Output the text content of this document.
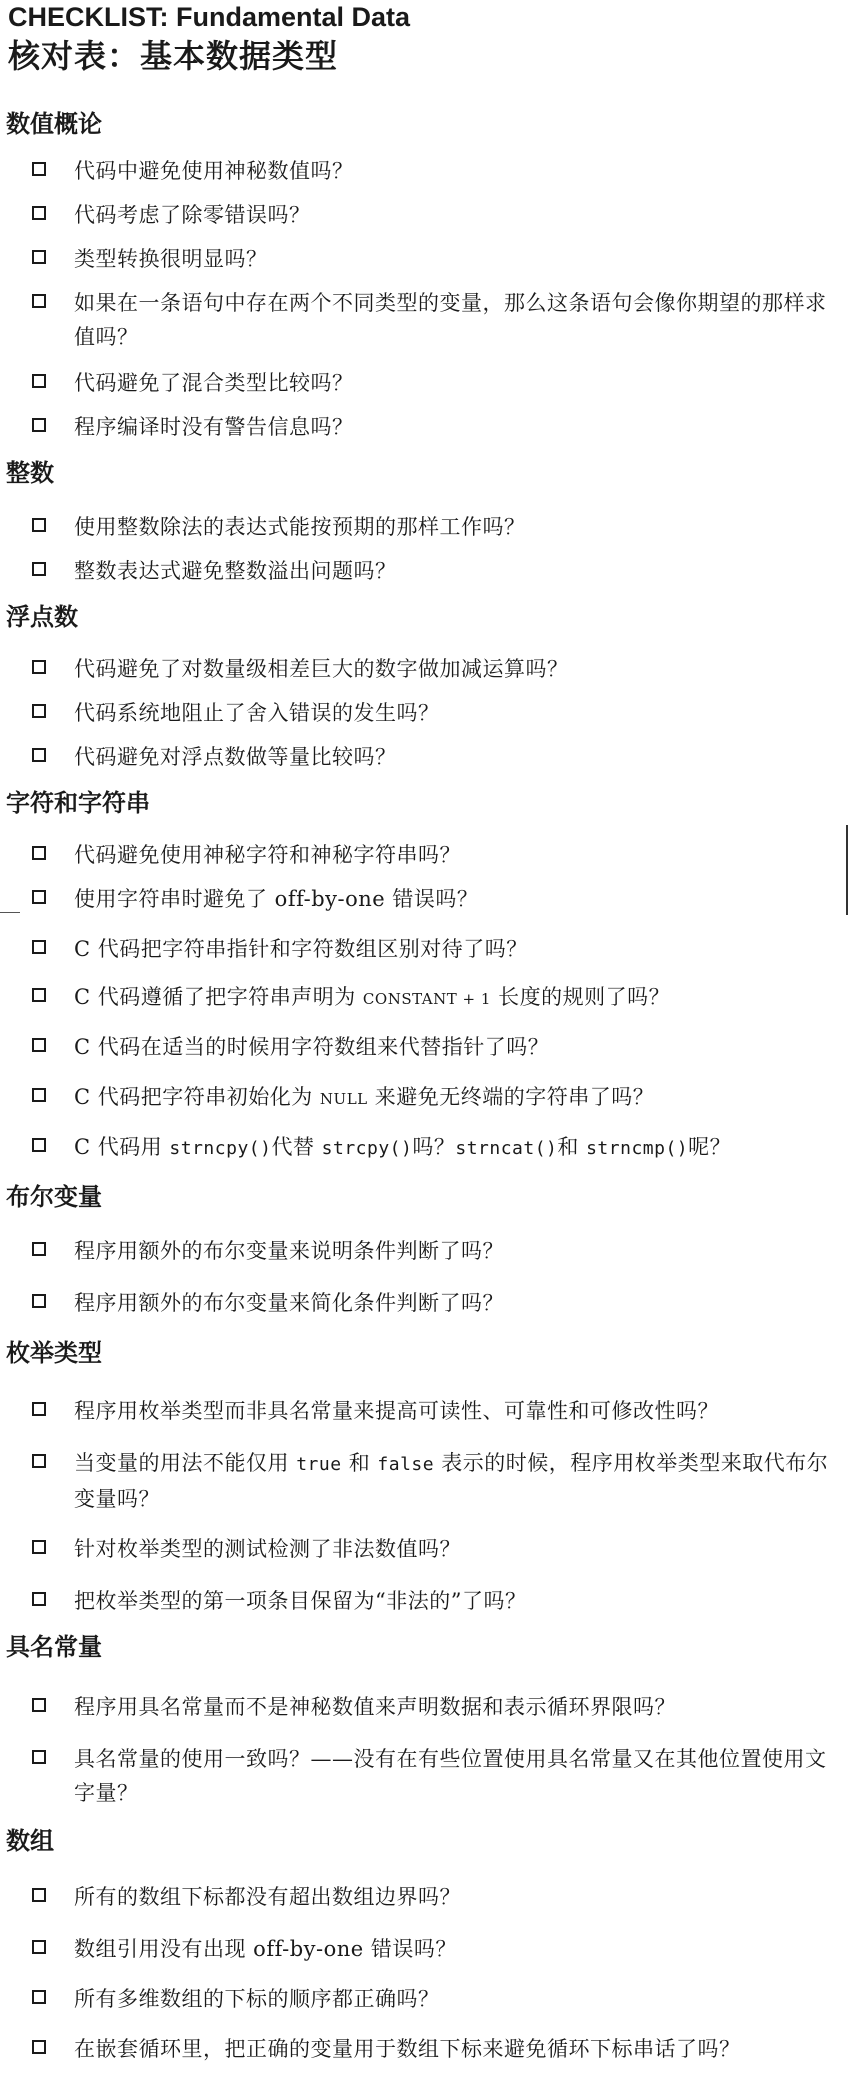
CHECKLIST: Fundamental Data
核对表：基本数据类型
数值概论
代码中避免使用神秘数值吗？
代码考虑了除零错误吗？
类型转换很明显吗？
如果在一条语句中存在两个不同类型的变量，那么这条语句会像你期望的那样求值吗？
代码避免了混合类型比较吗？
程序编译时没有警告信息吗？
整数
使用整数除法的表达式能按预期的那样工作吗？
整数表达式避免整数溢出问题吗？
浮点数
代码避免了对数量级相差巨大的数字做加减运算吗？
代码系统地阻止了舍入错误的发生吗？
代码避免对浮点数做等量比较吗？
字符和字符串
代码避免使用神秘字符和神秘字符串吗？
使用字符串时避免了 off-by-one 错误吗？
C 代码把字符串指针和字符数组区别对待了吗？
C 代码遵循了把字符串声明为 CONSTANT + 1 长度的规则了吗？
C 代码在适当的时候用字符数组来代替指针了吗？
C 代码把字符串初始化为 NULL 来避免无终端的字符串了吗？
C 代码用 strncpy()代替 strcpy()吗？strncat()和 strncmp()呢？
布尔变量
程序用额外的布尔变量来说明条件判断了吗？
程序用额外的布尔变量来简化条件判断了吗？
枚举类型
程序用枚举类型而非具名常量来提高可读性、可靠性和可修改性吗？
当变量的用法不能仅用 true 和 false 表示的时候，程序用枚举类型来取代布尔变量吗？
针对枚举类型的测试检测了非法数值吗？
把枚举类型的第一项条目保留为“非法的”了吗？
具名常量
程序用具名常量而不是神秘数值来声明数据和表示循环界限吗？
具名常量的使用一致吗？——没有在有些位置使用具名常量又在其他位置使用文字量？
数组
所有的数组下标都没有超出数组边界吗？
数组引用没有出现 off-by-one 错误吗？
所有多维数组的下标的顺序都正确吗？
在嵌套循环里，把正确的变量用于数组下标来避免循环下标串话了吗？
